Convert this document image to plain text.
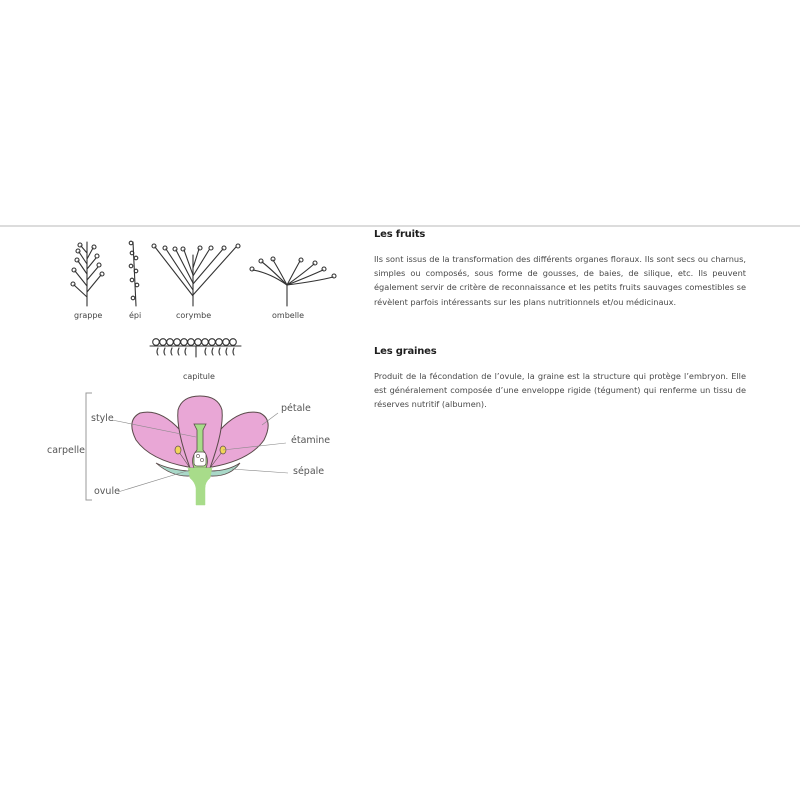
grappe	épi	corymbe	ombelle
capitule
carpelle
style
ovule
pétale
étamine
sépale
Les fruits

Ils sont issus de la transformation des différents organes floraux. Ils sont secs ou charnus, simples ou composés, sous forme de gousses, de baies, de silique, etc. Ils peuvent également servir de critère de reconnaissance et les petits fruits sauvages comestibles se révèlent parfois intéressants sur les plans nutritionnels et/ou médicinaux.

Les graines

Produit de la fécondation de l’ovule, la graine est la structure qui protège l’embryon. Elle est généralement composée d’une enveloppe rigide (tégument) qui renferme un tissu de réserves nutritif (albumen).
